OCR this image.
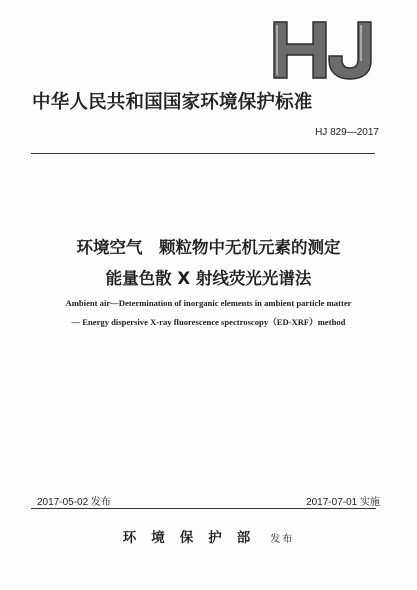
中华人民共和国国家环境保护标准
HJ 829—2017
环境空气　颗粒物中无机元素的测定
能量色散 X 射线荧光光谱法
Ambient air—Determination of inorganic elements in ambient particle matter
— Energy dispersive X-ray fluorescence spectroscopy（ED-XRF）method
2017-05-02 发布	2017-07-01 实施
环境保护部 发布
